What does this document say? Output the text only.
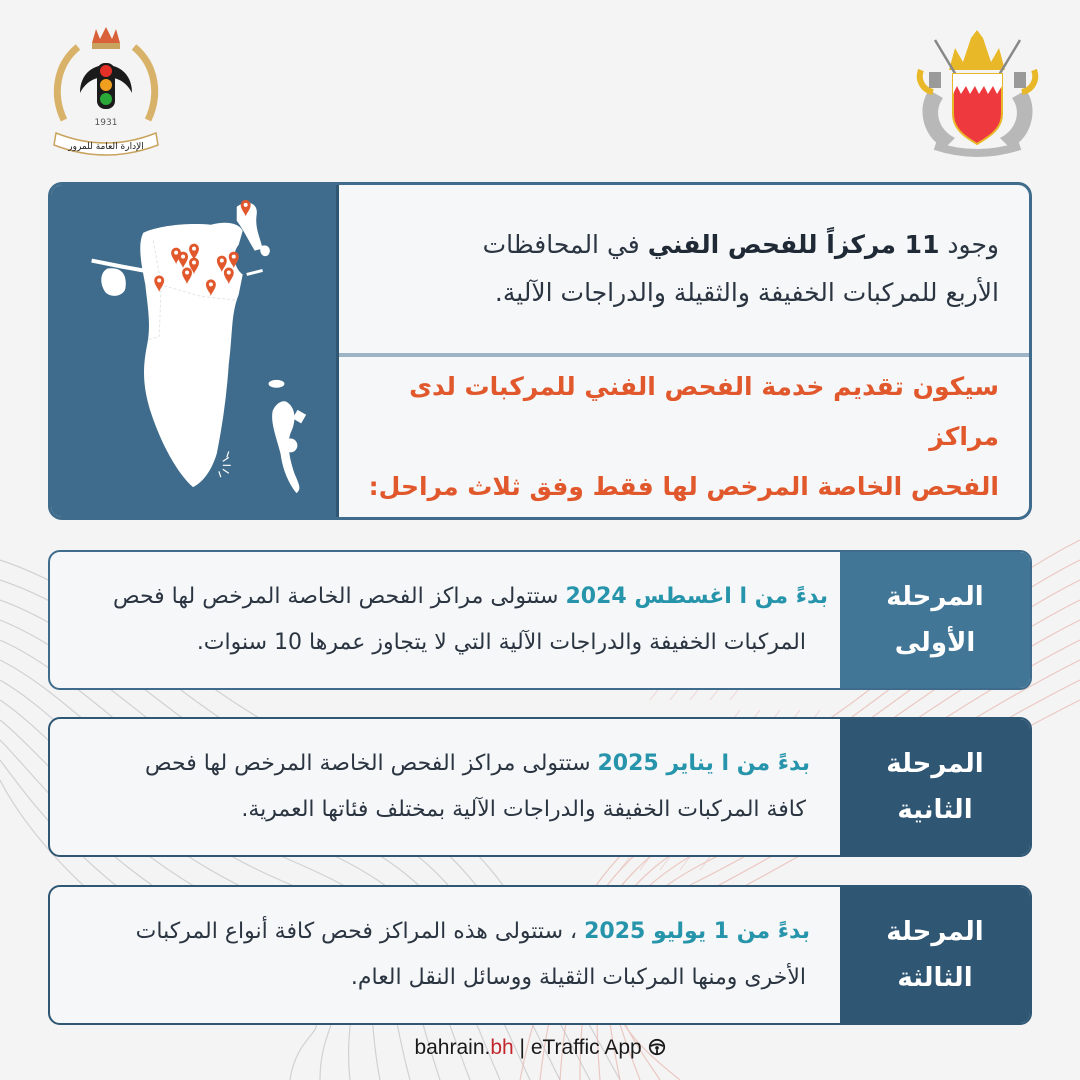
1931
الإدارة العامة للمرور
وجود 11 مركزاً للفحص الفني في المحافظات
الأربع للمركبات الخفيفة والثقيلة والدراجات الآلية.
سيكون تقديم خدمة الفحص الفني للمركبات لدى مراكز
الفحص الخاصة المرخص لها فقط وفق ثلاث مراحل:
بدءً من ا اغسطس 2024 ستتولى مراكز الفحص الخاصة المرخص لها فحص
المركبات الخفيفة والدراجات الآلية التي لا يتجاوز عمرها 10 سنوات.
المرحلة
الأولى
بدءً من ا يناير 2025 ستتولى مراكز الفحص الخاصة المرخص لها فحص
كافة المركبات الخفيفة والدراجات الآلية بمختلف فئاتها العمرية.
المرحلة
الثانية
بدءً من 1 يوليو 2025 ، ستتولى هذه المراكز فحص كافة أنواع المركبات
الأخرى ومنها المركبات الثقيلة ووسائل النقل العام.
المرحلة
الثالثة
bahrain.bh | eTraffic App
